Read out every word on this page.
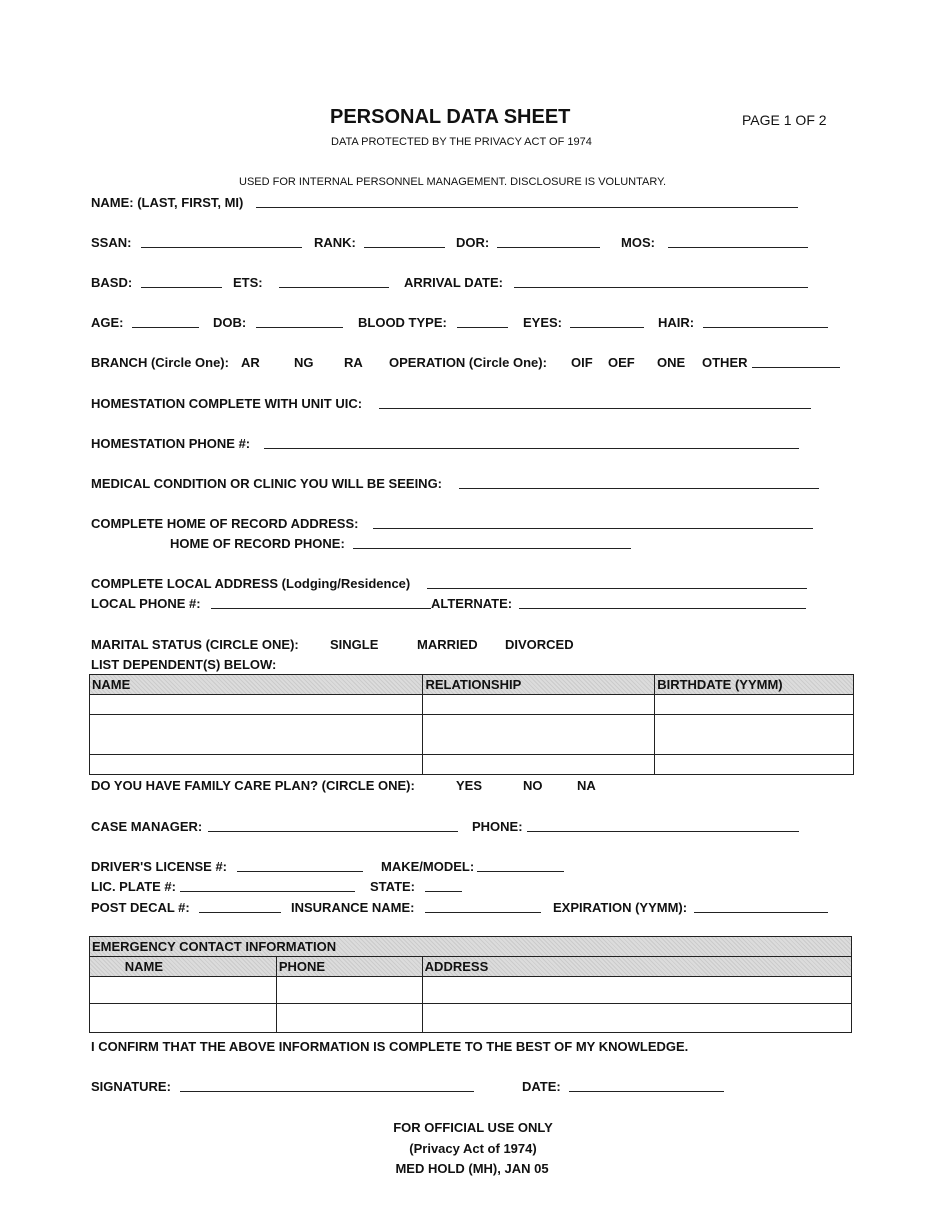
PERSONAL DATA SHEET	PAGE 1 OF 2
DATA PROTECTED BY THE PRIVACY ACT OF 1974
USED FOR INTERNAL PERSONNEL MANAGEMENT. DISCLOSURE IS VOLUNTARY.
NAME: (LAST, FIRST, MI)
SSAN:	RANK:	DOR:	MOS:
BASD:	ETS:	ARRIVAL DATE:
AGE:	DOB:	BLOOD TYPE:	EYES:	HAIR:
BRANCH (Circle One): AR	NG RA OPERATION (Circle One): OIF OEF ONE OTHER
HOMESTATION COMPLETE WITH UNIT UIC:
HOMESTATION PHONE #:
MEDICAL CONDITION OR CLINIC YOU WILL BE SEEING:
COMPLETE HOME OF RECORD ADDRESS:
HOME OF RECORD PHONE:
COMPLETE LOCAL ADDRESS (Lodging/Residence)
LOCAL PHONE #:	ALTERNATE:
MARITAL STATUS (CIRCLE ONE): SINGLE	MARRIED DIVORCED
LIST DEPENDENT(S) BELOW:
NAME	RELATIONSHIP	BIRTHDATE (YYMM)

DO YOU HAVE FAMILY CARE PLAN? (CIRCLE ONE):	YES	NO	NA
CASE MANAGER:	PHONE:
DRIVER'S LICENSE #:	MAKE/MODEL:
LIC. PLATE #:	STATE:
POST DECAL #:	INSURANCE NAME:	EXPIRATION (YYMM):
EMERGENCY CONTACT INFORMATION		
NAME	PHONE	ADDRESS

I CONFIRM THAT THE ABOVE INFORMATION IS COMPLETE TO THE BEST OF MY KNOWLEDGE.
SIGNATURE:	DATE:
FOR OFFICIAL USE ONLY
(Privacy Act of 1974)
MED HOLD (MH), JAN 05
